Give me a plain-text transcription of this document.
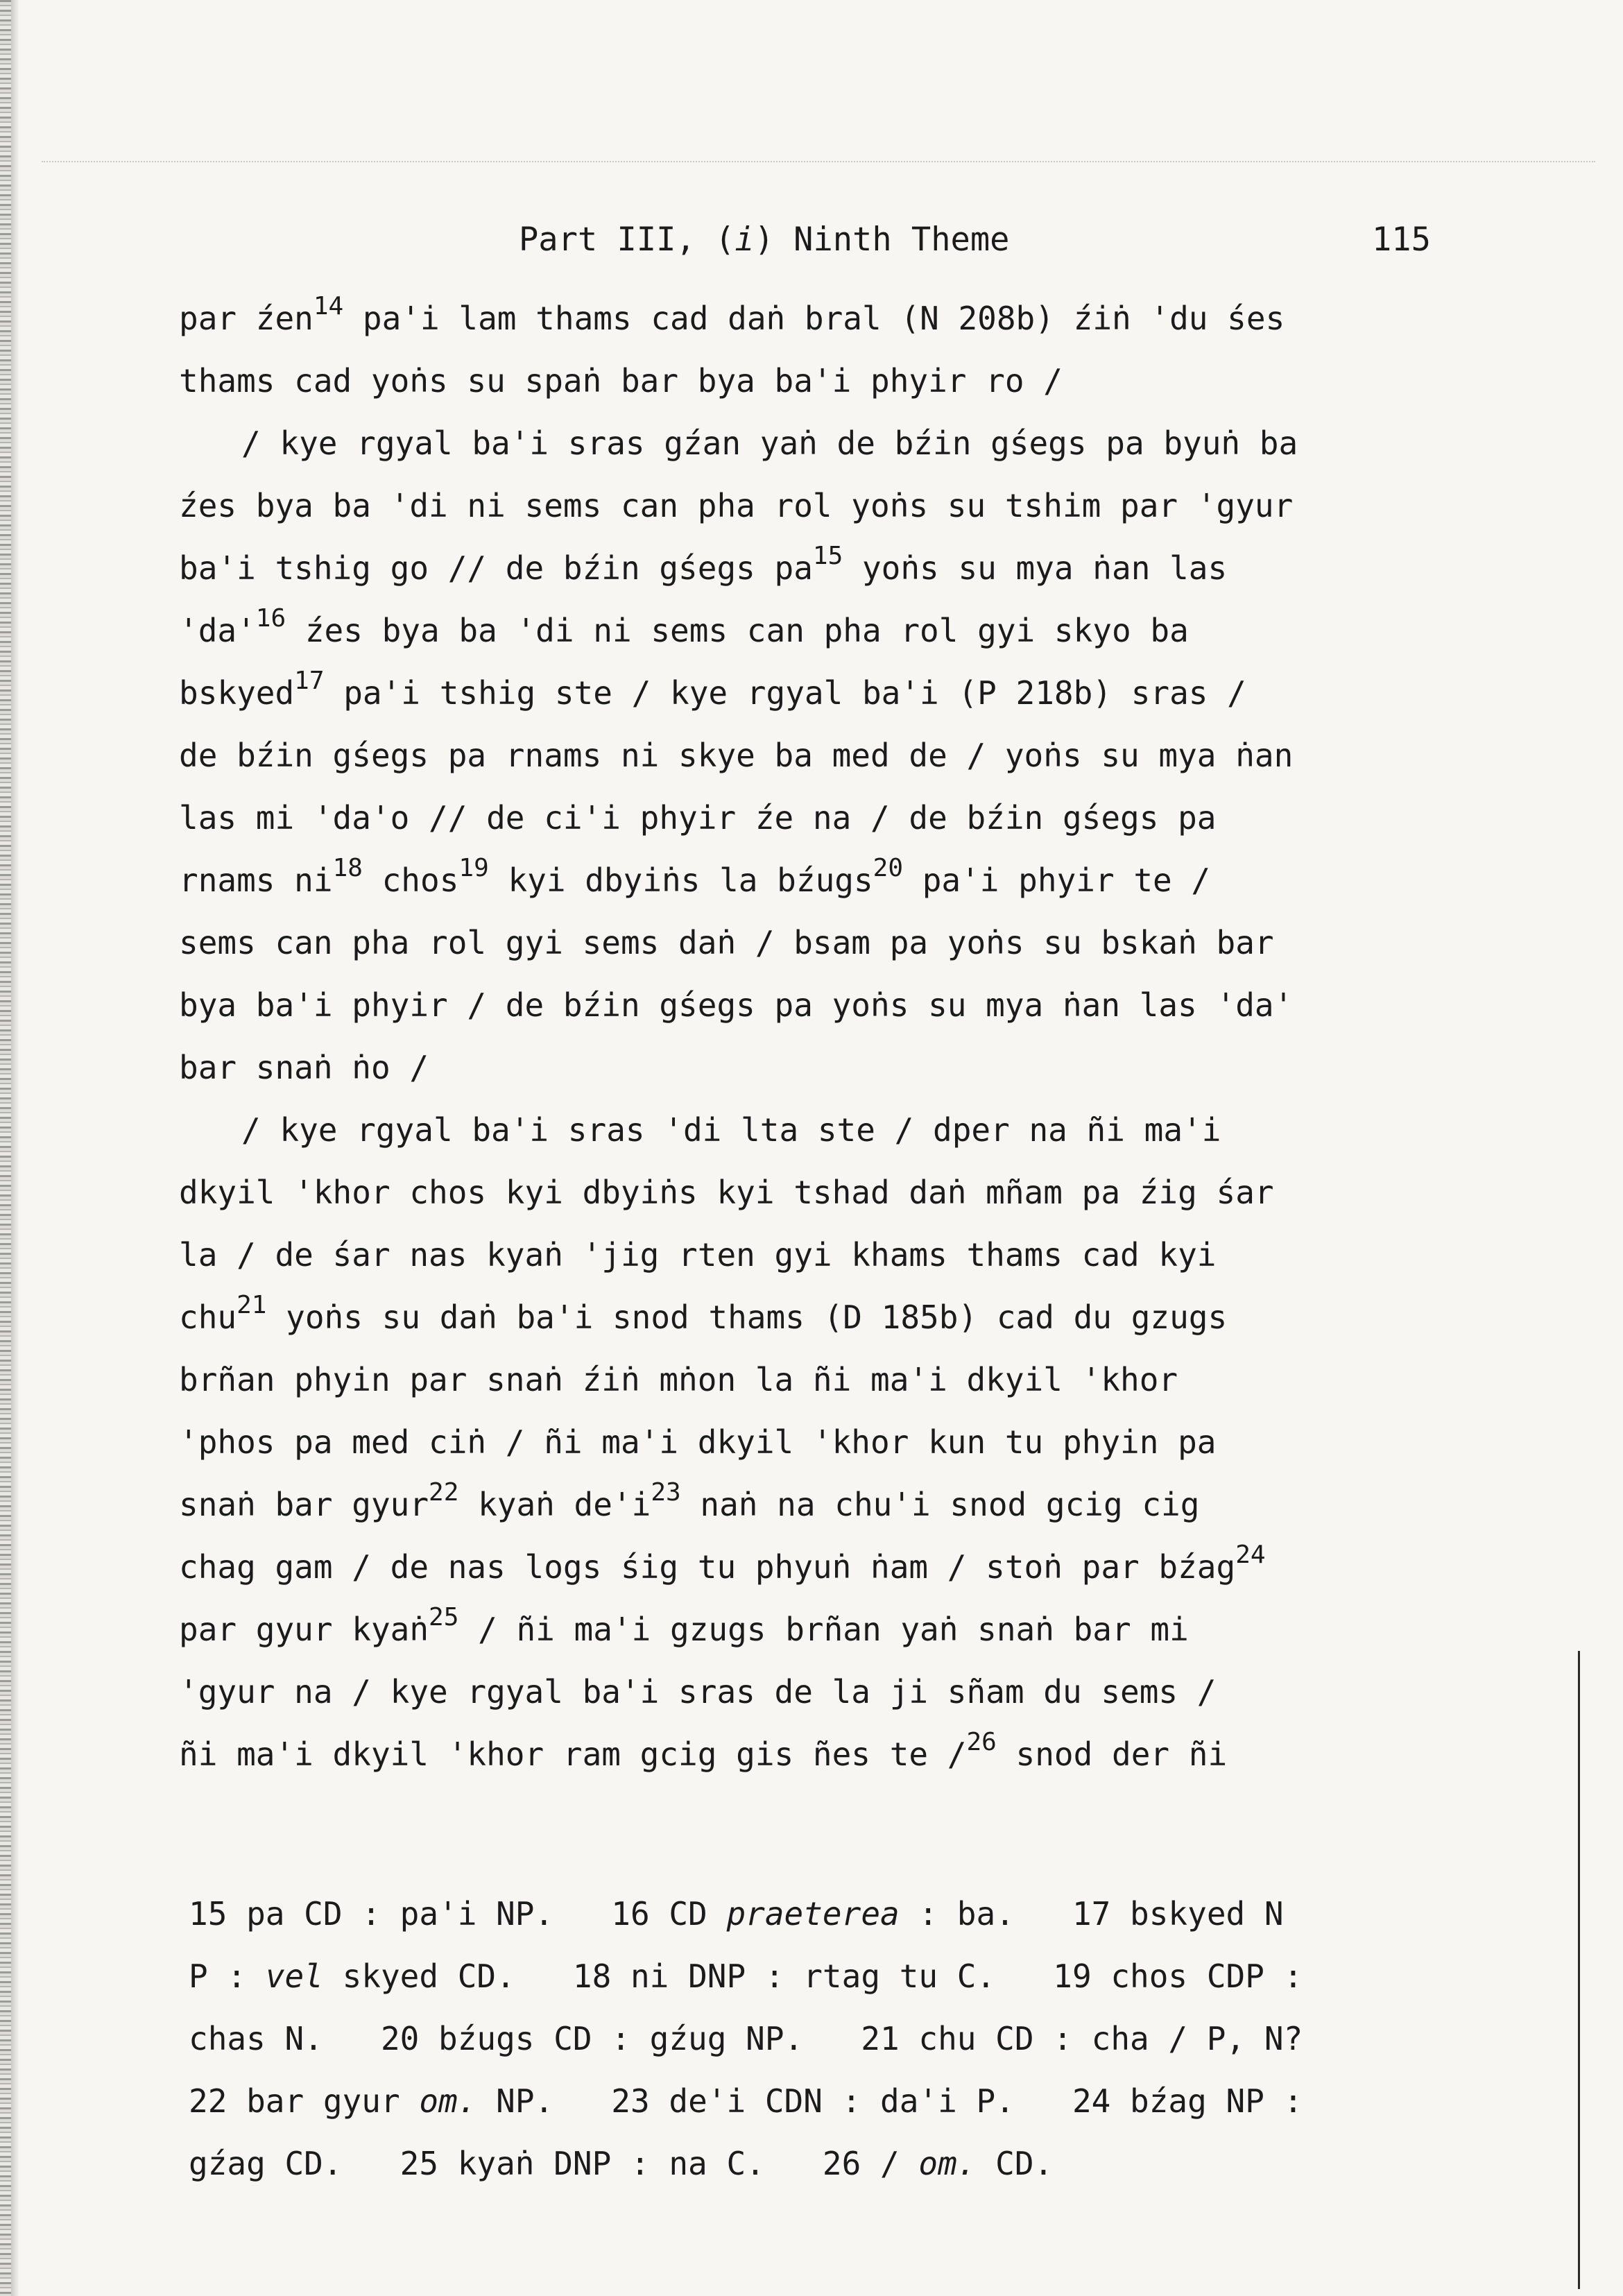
Part III, (i) Ninth Theme	115
par źen$^{14}$ pa'i lam thams cad daṅ bral (N 208b) źiṅ 'du śes
thams cad yoṅs su spaṅ bar bya ba'i phyir ro /
/ kye rgyal ba'i sras gźan yaṅ de bźin gśegs pa byuṅ ba
źes bya ba 'di ni sems can pha rol yoṅs su tshim par 'gyur
ba'i tshig go // de bźin gśegs $pa^{15}$ yoṅs su mya ṅan las
'$da'^{16}$ źes bya ba 'di ni sems can pha rol gyi skyo ba
bskyed$^{17}$ pa'i tshig ste / kye rgyal ba'i (P 218b) sras /
de bźin gśegs pa rnams ni skye ba med de / yoṅs su mya ṅan
las mi 'da'o // de ci'i phyir źe na / de bźin gśegs pa
rnams $ni^{18}$ chos$^{19}$ kyi dbyiṅs la bźugs$^{20}$ pa'i phyir te /
sems can pha rol gyi sems daṅ / bsam pa yoṅs su bskaṅ bar
bya ba'i phyir / de bźin gśegs pa yoṅs su mya ṅan las 'da'
bar snaṅ ṅo /
/ kye rgyal ba'i sras 'di lta ste / dper na ñi ma'i
dkyil 'khor chos kyi dbyiṅs kyi tshad daṅ mñam pa źig śar
la / de śar nas kyaṅ 'jig rten gyi khams thams cad kyi
chu$^{21}$ yoṅs su daṅ ba'i snod thams (D 185b) cad du gzugs
brñan phyin par snaṅ źiṅ mṅon la ñi ma'i dkyil 'khor
'phos pa med ciṅ / ñi ma'i dkyil 'khor kun tu phyin pa
snaṅ bar gyur$^{22}$ kyaṅ $de'i^{23}$ naṅ na chu'i snod gcig cig
chag gam / de nas logs śig tu phyuṅ ṅam / stoṅ par bźag$^{24}$
par gyur kyaṅ$^{25}$ / ñi ma'i gzugs brñan yaṅ snaṅ bar mi
'gyur na / kye rgyal ba'i sras de la ji sñam du sems /
ñi ma'i dkyil 'khor ram gcig gis ñes te /$^{26}$ snod der ñi
15 pa CD : pa'i NP.   16 CD praeterea : ba.   17 bskyed N
P : vel skyed CD.   18 ni DNP : rtag tu C.   19 chos CDP :
chas N.   20 bźugs CD : gźug NP.   21 chu CD : cha / P, N?
22 bar gyur om. NP.   23 de'i CDN : da'i P.   24 bźag NP :
gźag CD.   25 kyaṅ DNP : na C.   26 / om. CD.
